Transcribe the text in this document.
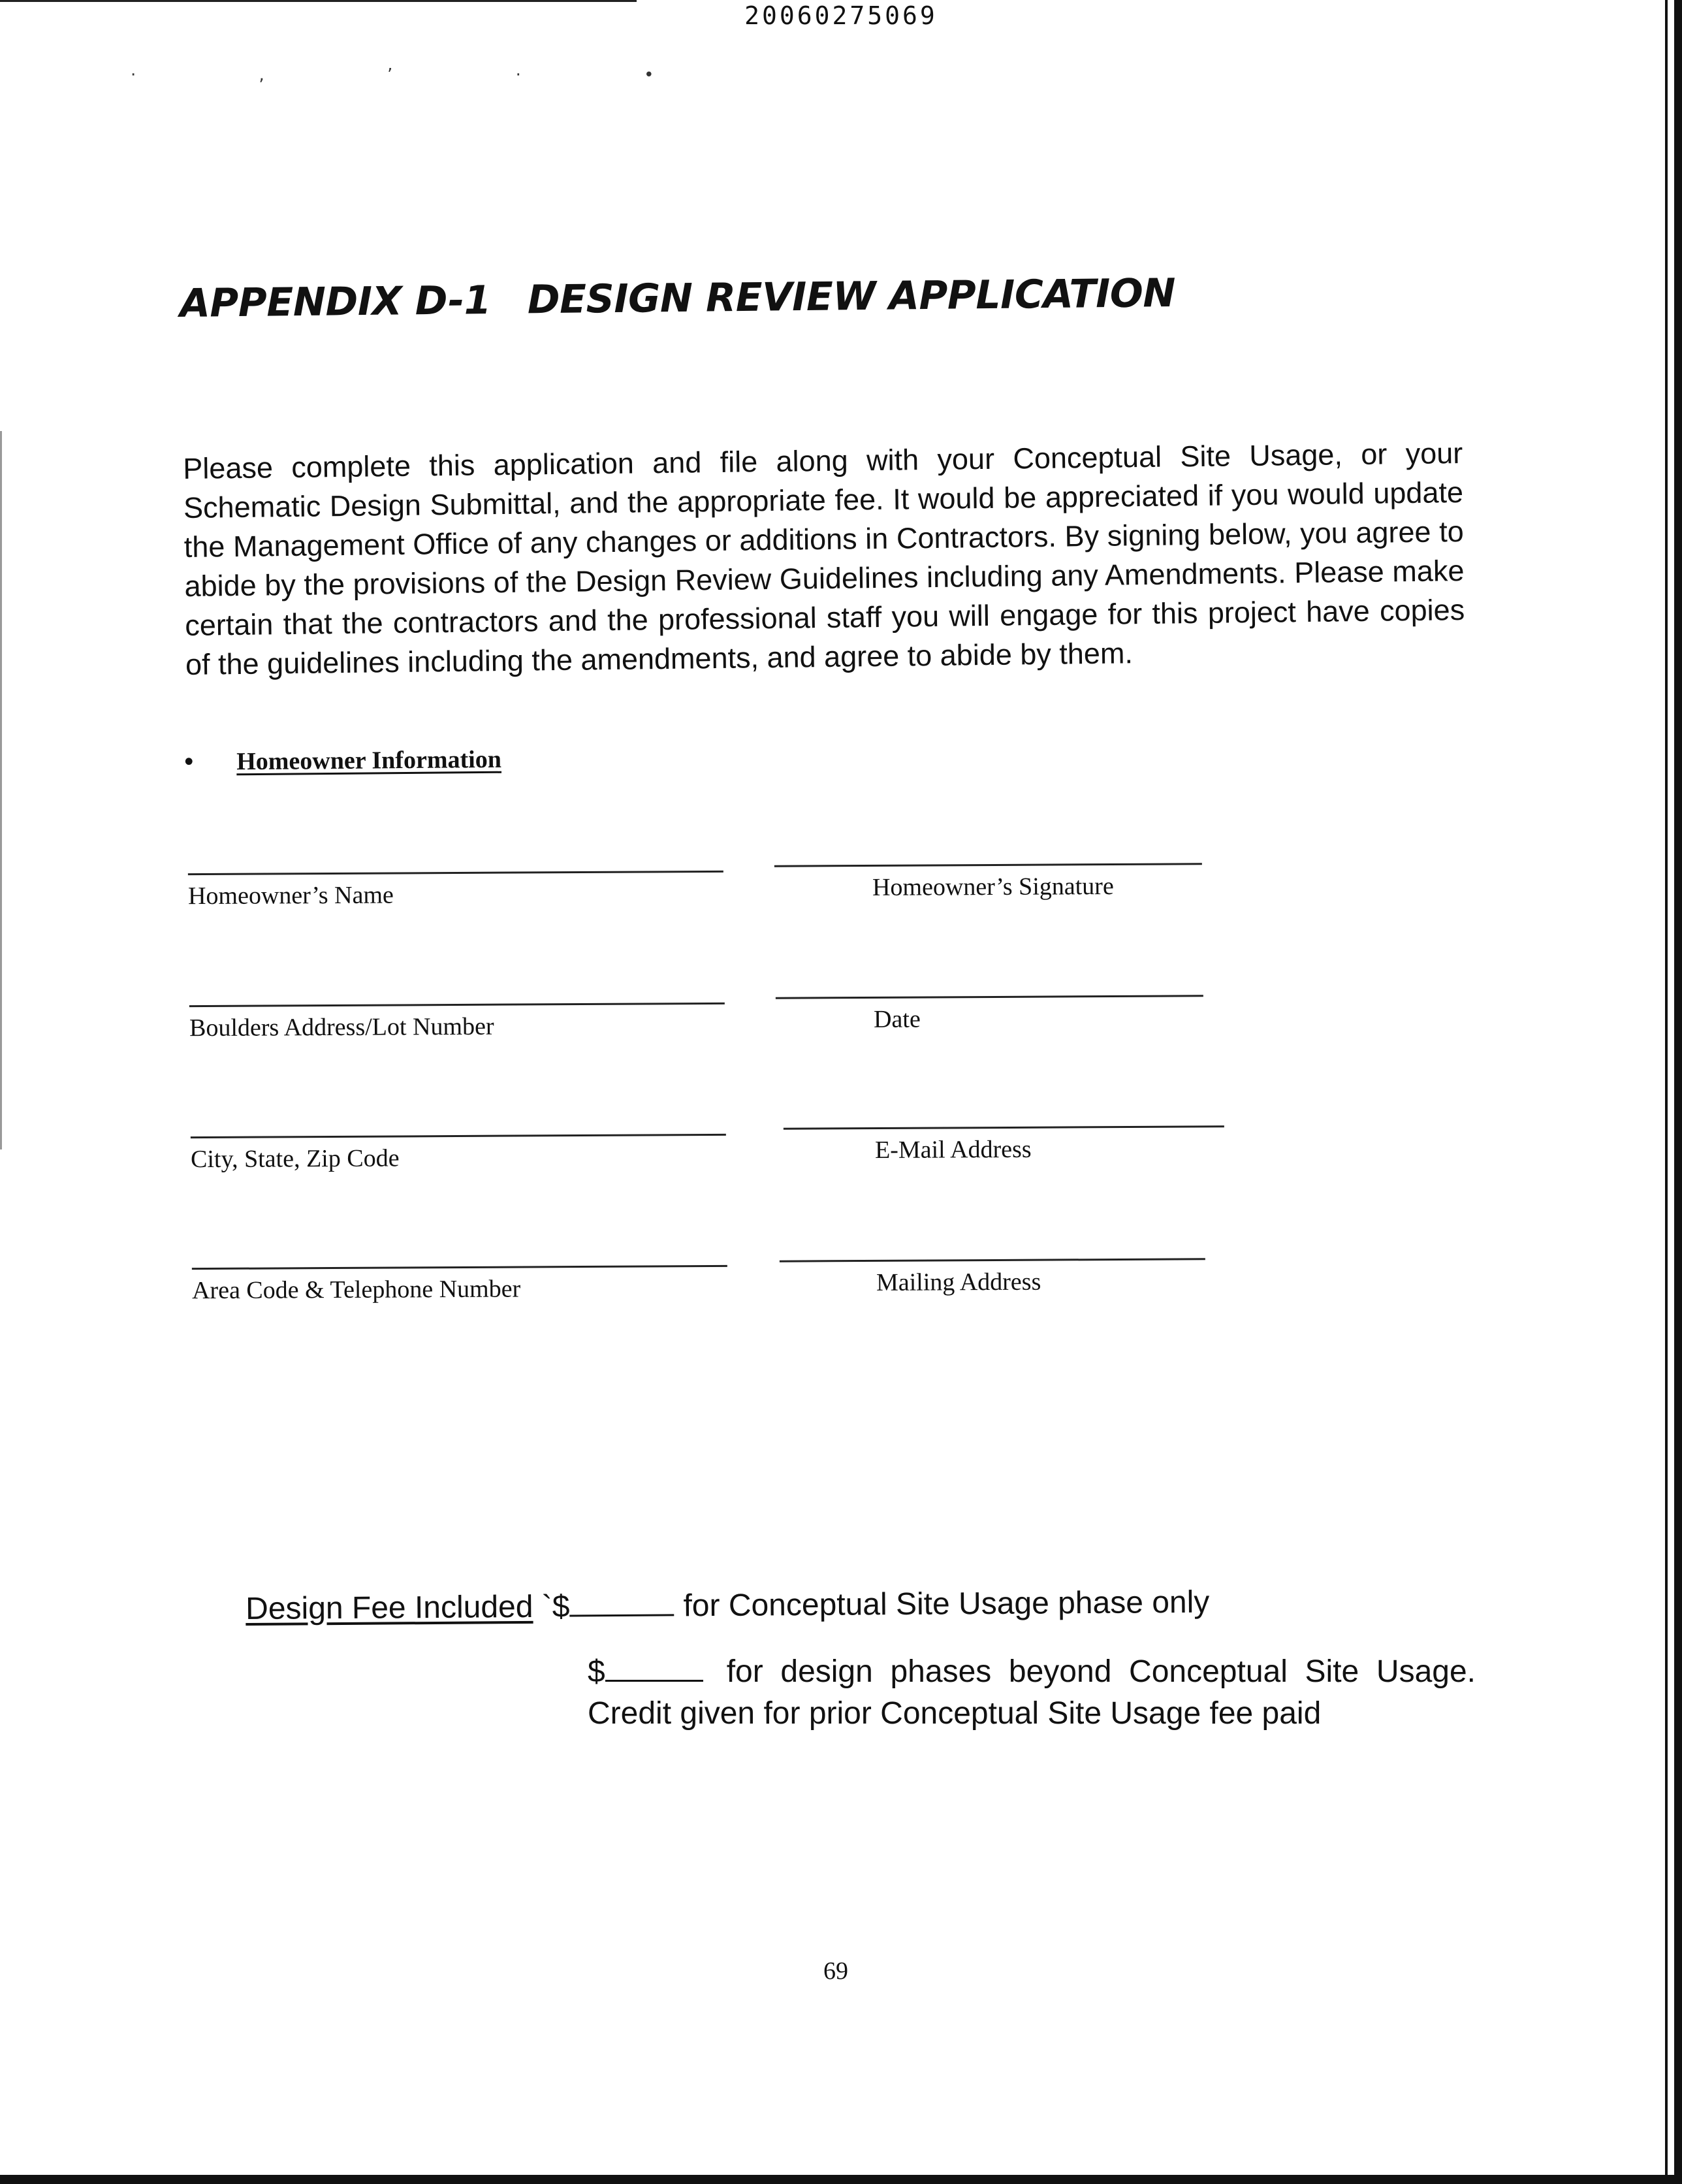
20060275069
· , ’ · •
APPENDIX D-1 DESIGN REVIEW APPLICATION
Please complete this application and file along with your Conceptual Site Usage, or your Schematic Design Submittal, and the appropriate fee. It would be appreciated if you would update the Management Office of any changes or additions in Contractors. By signing below, you agree to abide by the provisions of the Design Review Guidelines including any Amendments. Please make certain that the contractors and the professional staff you will engage for this project have copies of the guidelines including the amendments, and agree to abide by them.
• Homeowner Information
Homeowner’s Name
Boulders Address/Lot Number
City, State, Zip Code
Area Code & Telephone Number
Homeowner’s Signature
Date
E-Mail Address
Mailing Address
Design Fee Included `$	for Conceptual Site Usage phase only
$	for design phases beyond Conceptual Site Usage. Credit given for prior Conceptual Site Usage fee paid
69
